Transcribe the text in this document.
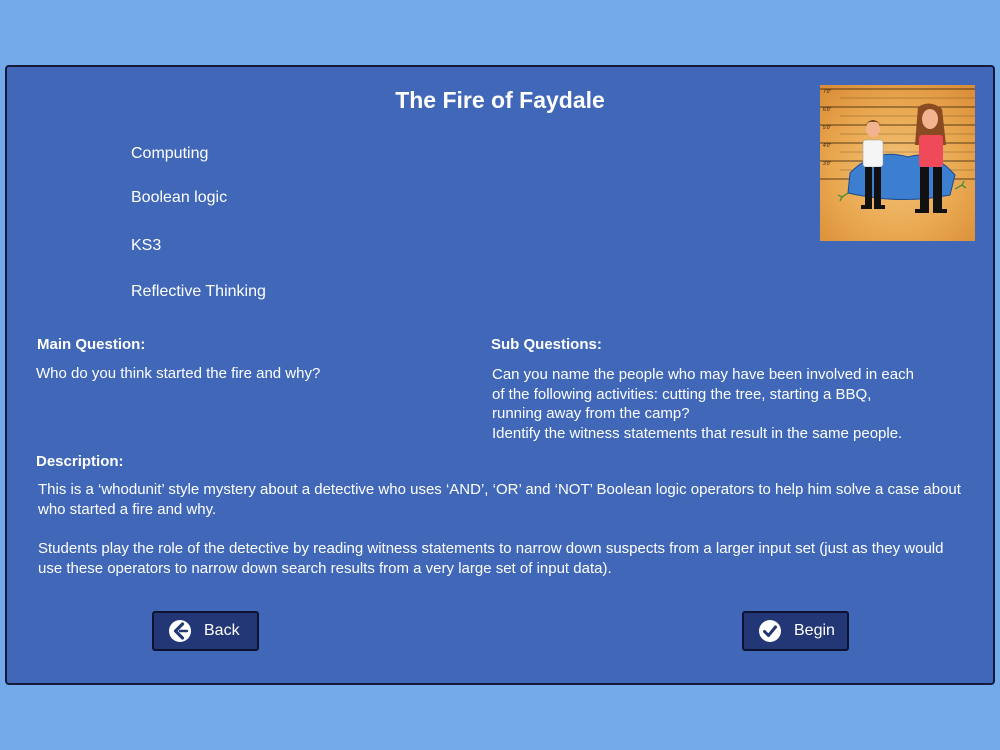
The Fire of Faydale
Computing
Boolean logic
KS3
Reflective Thinking
7'0"
6'0"
5'0"
4'0"
3'0"
Main Question:
Who do you think started the fire and why?
Sub Questions:
Can you name the people who may have been involved in each
of the following activities: cutting the tree, starting a BBQ,
running away from the camp?
Identify the witness statements that result in the same people.
Description:

This is a ‘whodunit’ style mystery about a detective who uses ‘AND’, ‘OR’ and ‘NOT’ Boolean logic operators to help him solve a case about who started a fire and why.

Students play the role of the detective by reading witness statements to narrow down suspects from a larger input set (just as they would use these operators to narrow down search results from a very large set of input data).

Back	Begin
